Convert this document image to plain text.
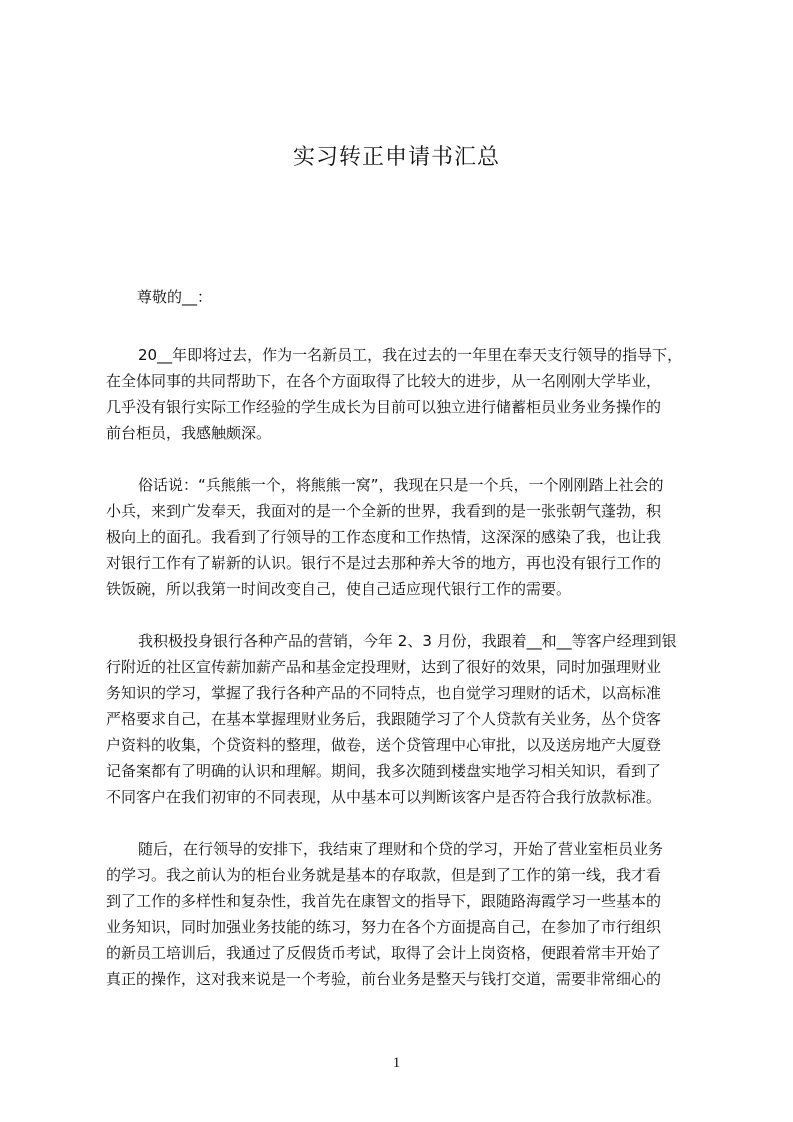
实习转正申请书汇总

尊敬的__：

20__年即将过去，作为一名新员工，我在过去的一年里在奉天支行领导的指导下，
在全体同事的共同帮助下，在各个方面取得了比较大的进步，从一名刚刚大学毕业，
几乎没有银行实际工作经验的学生成长为目前可以独立进行储蓄柜员业务业务操作的
前台柜员，我感触颇深。
俗话说：“兵熊熊一个，将熊熊一窝”，我现在只是一个兵，一个刚刚踏上社会的
小兵，来到广发奉天，我面对的是一个全新的世界，我看到的是一张张朝气蓬勃，积
极向上的面孔。我看到了行领导的工作态度和工作热情，这深深的感染了我，也让我
对银行工作有了崭新的认识。银行不是过去那种养大爷的地方，再也没有银行工作的
铁饭碗，所以我第一时间改变自己，使自己适应现代银行工作的需要。
我积极投身银行各种产品的营销，今年 2、3 月份，我跟着__和__等客户经理到银
行附近的社区宣传薪加薪产品和基金定投理财，达到了很好的效果，同时加强理财业
务知识的学习，掌握了我行各种产品的不同特点，也自觉学习理财的话术，以高标准
严格要求自己，在基本掌握理财业务后，我跟随学习了个人贷款有关业务，丛个贷客
户资料的收集，个贷资料的整理，做卷，送个贷管理中心审批，以及送房地产大厦登
记备案都有了明确的认识和理解。期间，我多次随到楼盘实地学习相关知识，看到了
不同客户在我们初审的不同表现，从中基本可以判断该客户是否符合我行放款标准。
随后，在行领导的安排下，我结束了理财和个贷的学习，开始了营业室柜员业务
的学习。我之前认为的柜台业务就是基本的存取款，但是到了工作的第一线，我才看
到了工作的多样性和复杂性，我首先在康智文的指导下，跟随路海霞学习一些基本的
业务知识，同时加强业务技能的练习，努力在各个方面提高自己，在参加了市行组织
的新员工培训后，我通过了反假货币考试，取得了会计上岗资格，便跟着常丰开始了
真正的操作，这对我来说是一个考验，前台业务是整天与钱打交道，需要非常细心的

1
